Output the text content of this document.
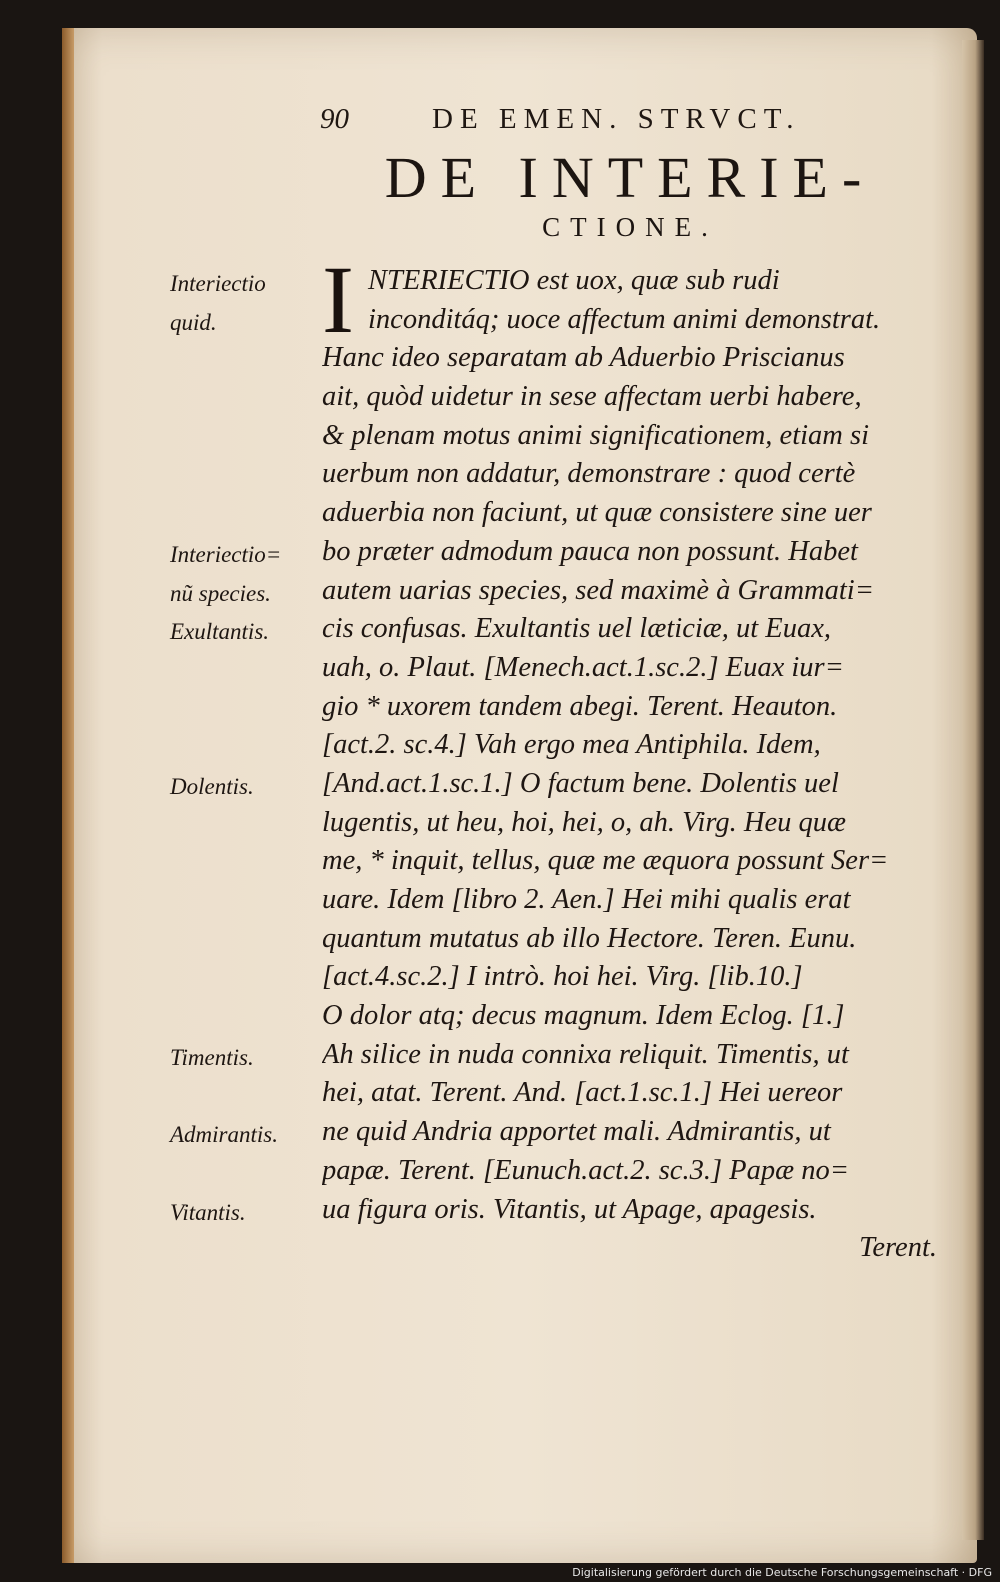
90	DE EMEN. STRVCT.
DE INTERIE-
CTIONE.
I NTERIECTIO est uox, quæ sub rudi
inconditáq; uoce affectum animi demonstrat.
Hanc ideo separatam ab Aduerbio Priscianus
ait, quòd uidetur in sese affectam uerbi habere,
& plenam motus animi significationem, etiam si
uerbum non addatur, demonstrare : quod certè
aduerbia non faciunt, ut quæ consistere sine uer
bo præter admodum pauca non possunt. Habet
autem uarias species, sed maximè à Grammati=
cis confusas. Exultantis uel læticiæ, ut Euax,
uah, o. Plaut. [Menech.act.1.sc.2.] Euax iur=
gio * uxorem tandem abegi. Terent. Heauton.
[act.2. sc.4.] Vah ergo mea Antiphila. Idem,
[And.act.1.sc.1.] O factum bene. Dolentis uel
lugentis, ut heu, hoi, hei, o, ah. Virg. Heu quæ
me, * inquit, tellus, quæ me æquora possunt Ser=
uare. Idem [libro 2. Aen.] Hei mihi qualis erat
quantum mutatus ab illo Hectore. Teren. Eunu.
[act.4.sc.2.] I intrò. hoi hei. Virg. [lib.10.]
O dolor atq; decus magnum. Idem Eclog. [1.]
Ah silice in nuda connixa reliquit. Timentis, ut
hei, atat. Terent. And. [act.1.sc.1.] Hei uereor
ne quid Andria apportet mali. Admirantis, ut
papæ. Terent. [Eunuch.act.2. sc.3.] Papæ no=
ua figura oris. Vitantis, ut Apage, apagesis.
Terent.
Interiectio
quid.
Interiectio=
nũ species.
Exultantis.
Dolentis.
Timentis.
Admirantis.
Vitantis.
Digitalisierung gefördert durch die Deutsche Forschungsgemeinschaft · DFG
